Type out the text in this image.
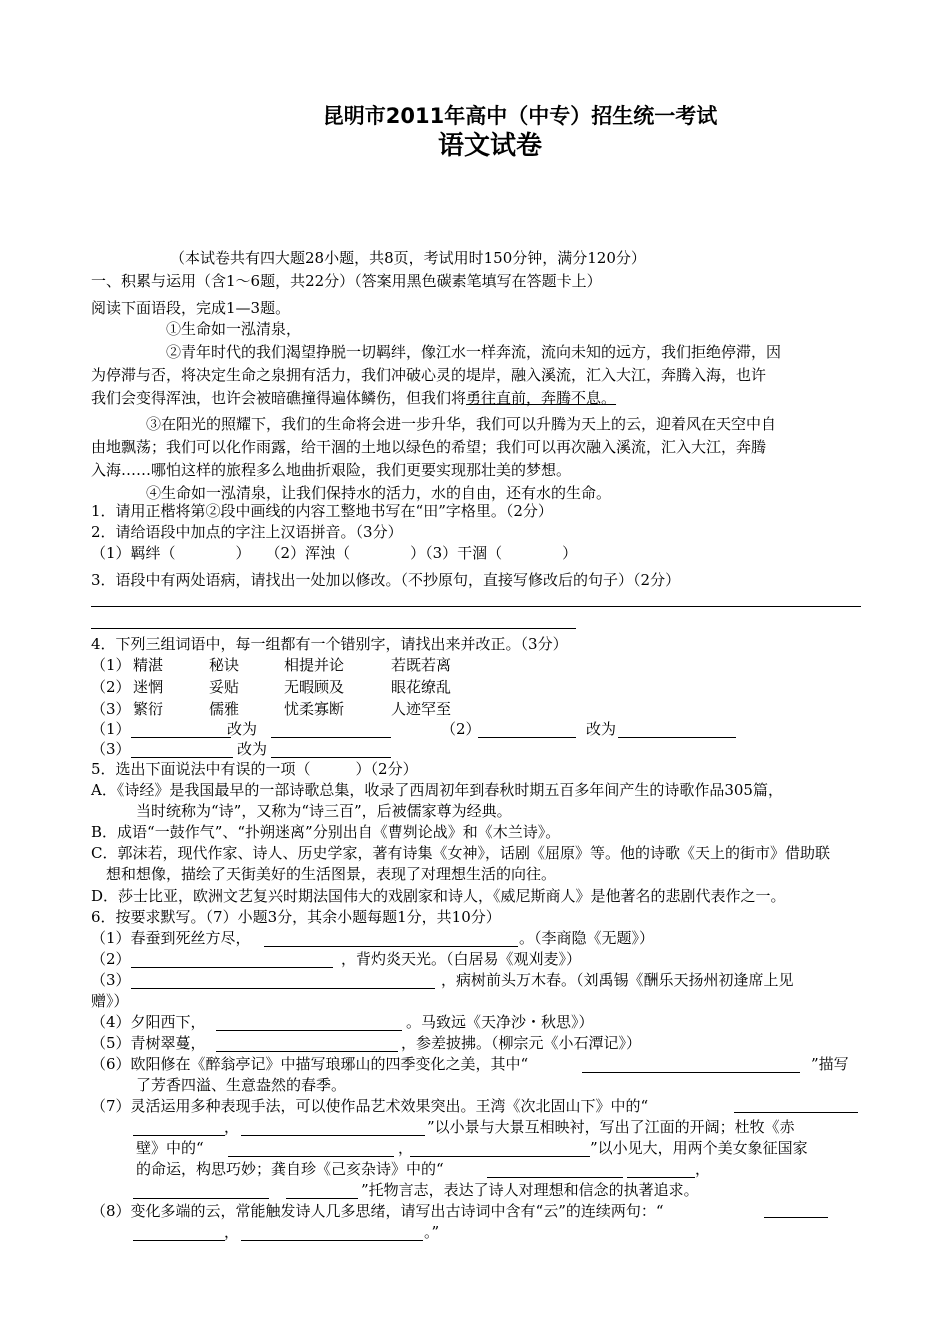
昆明市2011年高中（中专）招生统一考试
语文试卷
（本试卷共有四大题28小题，共8页，考试用时150分钟，满分120分）
一、积累与运用（含1～6题，共22分）（答案用黑色碳素笔填写在答题卡上）
阅读下面语段，完成1—3题。
①生命如一泓清泉，
②青年时代的我们渴望挣脱一切羁绊，像江水一样奔流，流向未知的远方，我们拒绝停滞，因
为停滞与否，将决定生命之泉拥有活力，我们冲破心灵的堤岸，融入溪流，汇入大江，奔腾入海，也许
我们会变得浑浊，也许会被暗礁撞得遍体鳞伤，但我们将勇往直前，奔腾不息。
③在阳光的照耀下，我们的生命将会进一步升华，我们可以升腾为天上的云，迎着风在天空中自
由地飘荡；我们可以化作雨露，给干涸的土地以绿色的希望；我们可以再次融入溪流，汇入大江，奔腾
入海……哪怕这样的旅程多么地曲折艰险，我们更要实现那壮美的梦想。
④生命如一泓清泉，让我们保持水的活力，水的自由，还有水的生命。
1．请用正楷将第②段中画线的内容工整地书写在“田”字格里。（2分）
2．请给语段中加点的字注上汉语拼音。（3分）
（1）羁绊（　　　　）　　（2）浑浊（　　　　）（3）干涸（　　　　）
3．语段中有两处语病，请找出一处加以修改。（不抄原句，直接写修改后的句子）（2分）
4．下列三组词语中，每一组都有一个错别字，请找出来并改正。（3分）
（1） 精湛	秘诀	相提并论	若既若离
（2） 迷惘	妥贴	无暇顾及	眼花缭乱
（3） 繁衍	儒雅	忧柔寡断	人迹罕至
（1）	改为	（2）	改为
（3）	改为
5．选出下面说法中有误的一项（　　　）（2分）
A．《诗经》是我国最早的一部诗歌总集，收录了西周初年到春秋时期五百多年间产生的诗歌作品305篇，
当时统称为“诗”，又称为“诗三百”，后被儒家尊为经典。
B．成语“一鼓作气”、“扑朔迷离”分别出自《曹刿论战》和《木兰诗》。
C．郭沫若，现代作家、诗人、历史学家，著有诗集《女神》，话剧《屈原》等。他的诗歌《天上的街市》借助联
想和想像，描绘了天街美好的生活图景，表现了对理想生活的向往。
D．莎士比亚，欧洲文艺复兴时期法国伟大的戏剧家和诗人，《威尼斯商人》是他著名的悲剧代表作之一。
6．按要求默写。（7）小题3分，其余小题每题1分，共10分）
（1）春蚕到死丝方尽，	。（李商隐《无题》）
（2）	，背灼炎天光。（白居易《观刈麦》）
（3）	，病树前头万木春。（刘禹锡《酬乐天扬州初逢席上见
赠》）
（4）夕阳西下，	。马致远《天净沙・秋思》）
（5）青树翠蔓，	，参差披拂。（柳宗元《小石潭记》）
（6）欧阳修在《醉翁亭记》中描写琅琊山的四季变化之美，其中“	”描写
了芳香四溢、生意盎然的春季。
（7）灵活运用多种表现手法，可以使作品艺术效果突出。王湾《次北固山下》中的“
，	”以小景与大景互相映衬，写出了江面的开阔；杜牧《赤
壁》中的“	，	”以小见大，用两个美女象征国家
的命运，构思巧妙；龚自珍《己亥杂诗》中的“	，
”托物言志，表达了诗人对理想和信念的执著追求。
（8）变化多端的云，常能触发诗人几多思绪，请写出古诗词中含有“云”的连续两句：“
，	。”
